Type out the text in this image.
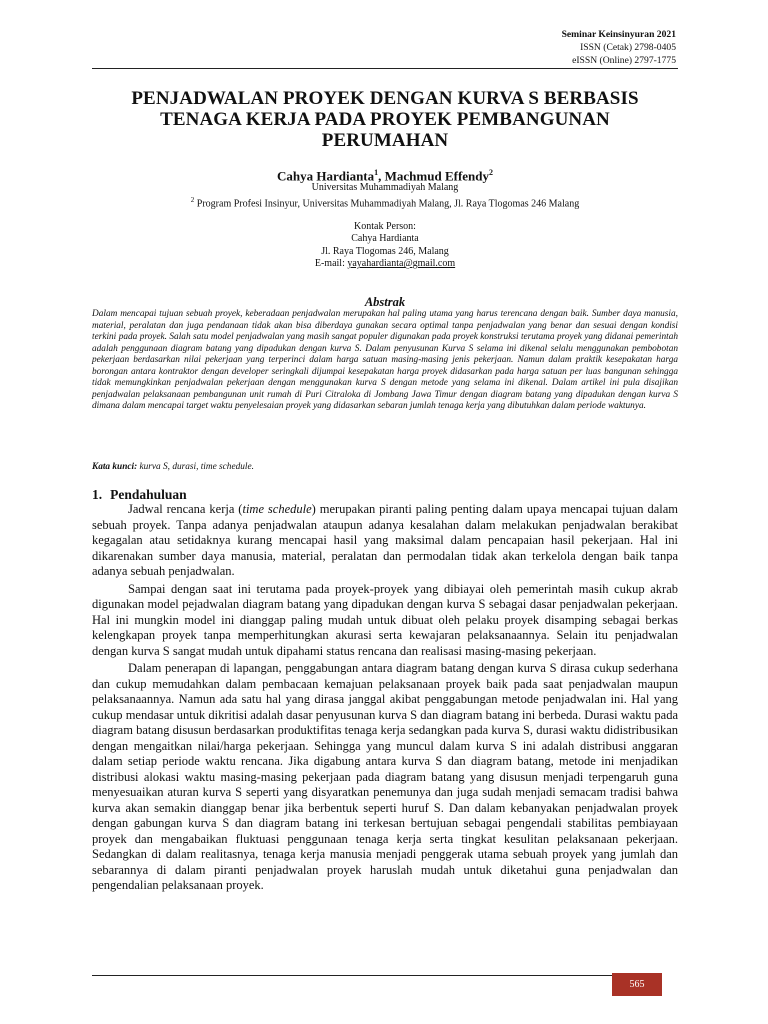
Seminar Keinsinyuran 2021
ISSN (Cetak) 2798-0405
eISSN (Online) 2797-1775
PENJADWALAN PROYEK DENGAN KURVA S BERBASIS
TENAGA KERJA PADA PROYEK PEMBANGUNAN
PERUMAHAN
Cahya Hardianta$^1$, Machmud Effendy$^2$
Universitas Muhammadiyah Malang
$^2$ Program Profesi Insinyur, Universitas Muhammadiyah Malang, Jl. Raya Tlogomas 246 Malang
Kontak Person:
Cahya Hardianta
Jl. Raya Tlogomas 246, Malang
E-mail: yayahardianta@gmail.com
Abstrak
Dalam mencapai tujuan sebuah proyek, keberadaan penjadwalan merupakan hal paling utama yang harus terencana dengan baik. Sumber daya manusia, material, peralatan dan juga pendanaan tidak akan bisa diberdaya gunakan secara optimal tanpa penjadwalan yang benar dan sesuai dengan kondisi terkini pada proyek. Salah satu model penjadwalan yang masih sangat populer digunakan pada proyek konstruksi terutama proyek yang didanai pemerintah adalah penggunaan diagram batang yang dipadukan dengan kurva S. Dalam penyusunan Kurva S selama ini dikenal selalu menggunakan pembobotan pekerjaan berdasarkan nilai pekerjaan yang terperinci dalam harga satuan masing-masing jenis pekerjaan. Namun dalam praktik kesepakatan harga borongan antara kontraktor dengan developer seringkali dijumpai kesepakatan harga proyek didasarkan pada harga satuan per luas bangunan sehingga tidak memungkinkan penjadwalan pekerjaan dengan menggunakan kurva S dengan metode yang selama ini dikenal. Dalam artikel ini pula disajikan penjadwalan pelaksanaan pembangunan unit rumah di Puri Citraloka di Jombang Jawa Timur dengan diagram batang yang dipadukan dengan kurva S dimana dalam mencapai target waktu penyelesaian proyek yang didasarkan sebaran jumlah tenaga kerja yang dibutuhkan dalam periode waktunya.
Kata kunci: kurva S, durasi, time schedule.
1. Pendahuluan

Jadwal rencana kerja (time schedule) merupakan piranti paling penting dalam upaya mencapai tujuan dalam sebuah proyek. Tanpa adanya penjadwalan ataupun adanya kesalahan dalam melakukan penjadwalan berakibat kegagalan atau setidaknya kurang mencapai hasil yang maksimal dalam pencapaian hasil pekerjaan. Hal ini dikarenakan sumber daya manusia, material, peralatan dan permodalan tidak akan terkelola dengan baik tanpa adanya sebuah penjadwalan.

Sampai dengan saat ini terutama pada proyek-proyek yang dibiayai oleh pemerintah masih cukup akrab digunakan model pejadwalan diagram batang yang dipadukan dengan kurva S sebagai dasar penjadwalan pekerjaan. Hal ini mungkin model ini dianggap paling mudah untuk dibuat oleh pelaku proyek disamping sebagai berkas kelengkapan proyek tanpa memperhitungkan akurasi serta kewajaran pelaksanaannya. Selain itu penjadwalan dengan kurva S sangat mudah untuk dipahami status rencana dan realisasi masing-masing pekerjaan.

Dalam penerapan di lapangan, penggabungan antara diagram batang dengan kurva S dirasa cukup sederhana dan cukup memudahkan dalam pembacaan kemajuan pelaksanaan proyek baik pada saat penjadwalan maupun pelaksanaannya. Namun ada satu hal yang dirasa janggal akibat penggabungan metode penjadwalan ini. Hal yang cukup mendasar untuk dikritisi adalah dasar penyusunan kurva S dan diagram batang ini berbeda. Durasi waktu pada diagram batang disusun berdasarkan produktifitas tenaga kerja sedangkan pada kurva S, durasi waktu didistribusikan dengan mengaitkan nilai/harga pekerjaan. Sehingga yang muncul dalam kurva S ini adalah distribusi anggaran dalam setiap periode waktu rencana. Jika digabung antara kurva S dan diagram batang, metode ini menjadikan distribusi alokasi waktu masing-masing pekerjaan pada diagram batang yang disusun menjadi terpengaruh guna menyesuaikan aturan kurva S seperti yang disyaratkan penemunya dan juga sudah menjadi semacam tradisi bahwa kurva akan semakin dianggap benar jika berbentuk seperti huruf S. Dan dalam kebanyakan penjadwalan proyek dengan gabungan kurva S dan diagram batang ini terkesan bertujuan sebagai pengendali stabilitas pembiayaan proyek dan mengabaikan fluktuasi penggunaan tenaga kerja serta tingkat kesulitan pelaksanaan pekerjaan. Sedangkan di dalam realitasnya, tenaga kerja manusia menjadi penggerak utama sebuah proyek yang jumlah dan sebarannya di dalam piranti penjadwalan proyek haruslah mudah untuk diketahui guna penjadwalan dan pengendalian pelaksanaan proyek.

565
